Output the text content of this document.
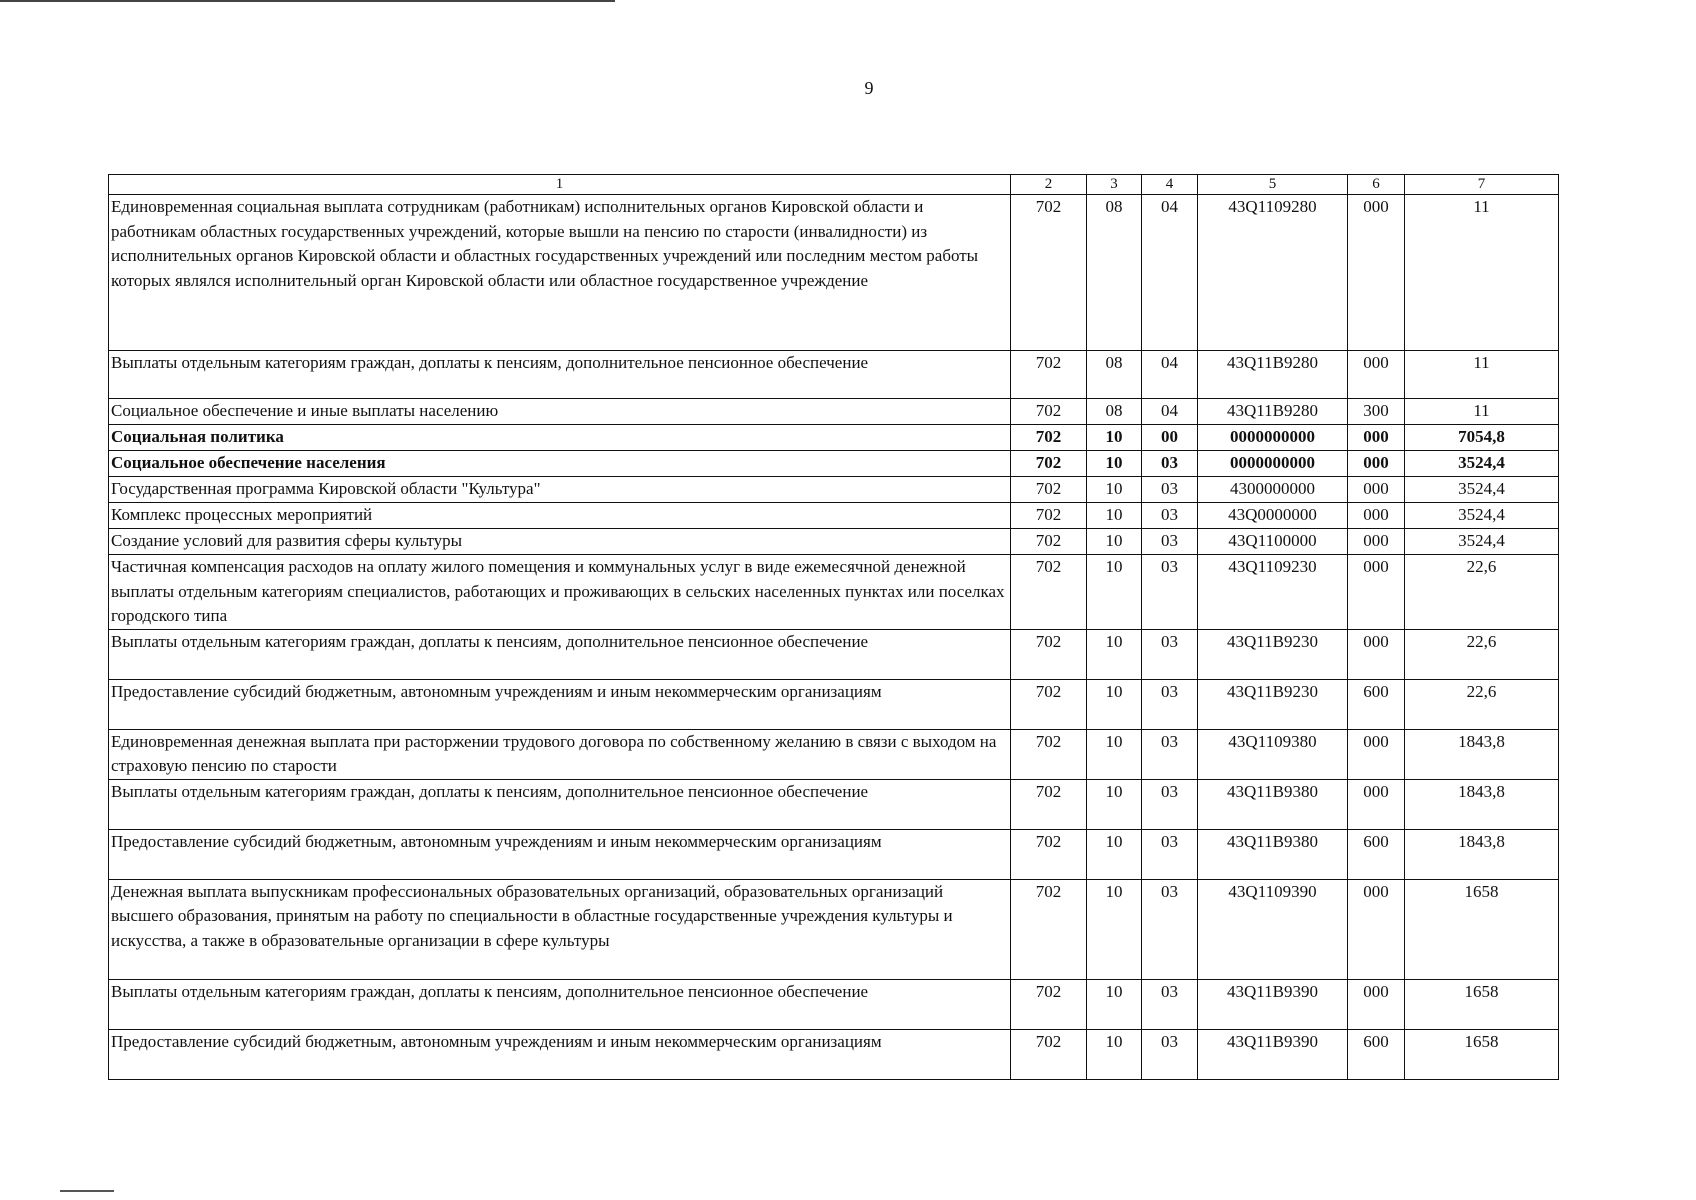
9
1	2	3	4	5	6	7
Единовременная социальная выплата сотрудникам (работникам) исполнительных органов Кировской области и работникам областных государственных учреждений, которые вышли на пенсию по старости (инвалидности) из исполнительных органов Кировской области и областных государственных учреждений или последним местом работы которых являлся исполнительный орган Кировской области или областное государственное учреждение	702	08	04	43Q1109280	000	11
Выплаты отдельным категориям граждан, доплаты к пенсиям, дополнительное пенсионное обеспечение	702	08	04	43Q11B9280	000	11
Социальное обеспечение и иные выплаты населению	702	08	04	43Q11B9280	300	11
Социальная политика	702	10	00	0000000000	000	7054,8
Социальное обеспечение населения	702	10	03	0000000000	000	3524,4
Государственная программа Кировской области "Культура"	702	10	03	4300000000	000	3524,4
Комплекс процессных мероприятий	702	10	03	43Q0000000	000	3524,4
Создание условий для развития сферы культуры	702	10	03	43Q1100000	000	3524,4
Частичная компенсация расходов на оплату жилого помещения и коммунальных услуг в виде ежемесячной денежной выплаты отдельным категориям специалистов, работающих и проживающих в сельских населенных пунктах или поселках городского типа	702	10	03	43Q1109230	000	22,6
Выплаты отдельным категориям граждан, доплаты к пенсиям, дополнительное пенсионное обеспечение	702	10	03	43Q11B9230	000	22,6
Предоставление субсидий бюджетным, автономным учреждениям и иным некоммерческим организациям	702	10	03	43Q11B9230	600	22,6
Единовременная денежная выплата при расторжении трудового договора по собственному желанию в связи с выходом на страховую пенсию по старости	702	10	03	43Q1109380	000	1843,8
Выплаты отдельным категориям граждан, доплаты к пенсиям, дополнительное пенсионное обеспечение	702	10	03	43Q11B9380	000	1843,8
Предоставление субсидий бюджетным, автономным учреждениям и иным некоммерческим организациям	702	10	03	43Q11B9380	600	1843,8
Денежная выплата выпускникам профессиональных образовательных организаций, образовательных организаций высшего образования, принятым на работу по специальности в областные государственные учреждения культуры и искусства, а также в образовательные организации в сфере культуры	702	10	03	43Q1109390	000	1658
Выплаты отдельным категориям граждан, доплаты к пенсиям, дополнительное пенсионное обеспечение	702	10	03	43Q11B9390	000	1658
Предоставление субсидий бюджетным, автономным учреждениям и иным некоммерческим организациям	702	10	03	43Q11B9390	600	1658
